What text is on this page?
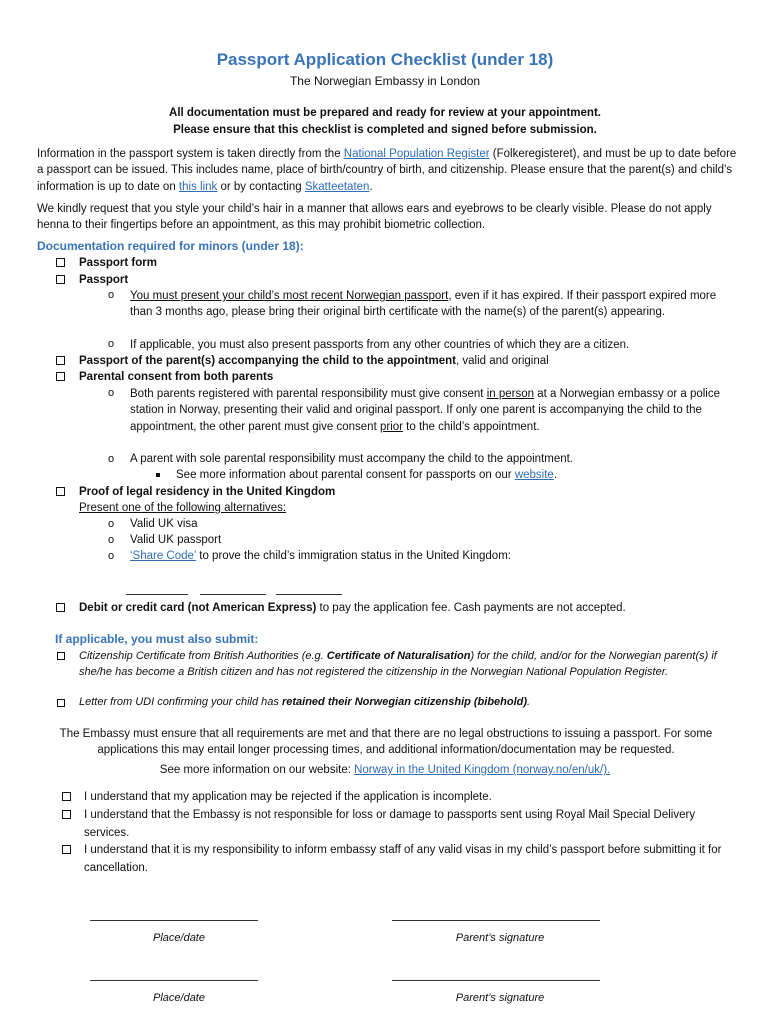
Passport Application Checklist (under 18)
The Norwegian Embassy in London
All documentation must be prepared and ready for review at your appointment.
Please ensure that this checklist is completed and signed before submission.
Information in the passport system is taken directly from the National Population Register (Folkeregisteret), and must be up to date before a passport can be issued. This includes name, place of birth/country of birth, and citizenship. Please ensure that the parent(s) and child’s information is up to date on this link or by contacting Skatteetaten.
We kindly request that you style your child’s hair in a manner that allows ears and eyebrows to be clearly visible. Please do not apply henna to their fingertips before an appointment, as this may prohibit biometric collection.
Documentation required for minors (under 18):
Passport form
Passport
o You must present your child’s most recent Norwegian passport, even if it has expired. If their passport expired more than 3 months ago, please bring their original birth certificate with the name(s) of the parent(s) appearing.
o If applicable, you must also present passports from any other countries of which they are a citizen.
Passport of the parent(s) accompanying the child to the appointment, valid and original
Parental consent from both parents
o Both parents registered with parental responsibility must give consent in person at a Norwegian embassy or a police station in Norway, presenting their valid and original passport. If only one parent is accompanying the child to the appointment, the other parent must give consent prior to the child’s appointment.
o A parent with sole parental responsibility must accompany the child to the appointment.
See more information about parental consent for passports on our website.
Proof of legal residency in the United Kingdom
Present one of the following alternatives:
o Valid UK visa
o Valid UK passport
o ‘Share Code’ to prove the child’s immigration status in the United Kingdom:
Debit or credit card (not American Express) to pay the application fee. Cash payments are not accepted.
If applicable, you must also submit:
Citizenship Certificate from British Authorities (e.g. Certificate of Naturalisation) for the child, and/or for the Norwegian parent(s) if she/he has become a British citizen and has not registered the citizenship in the Norwegian National Population Register.
Letter from UDI confirming your child has retained their Norwegian citizenship (bibehold).
The Embassy must ensure that all requirements are met and that there are no legal obstructions to issuing a passport. For some applications this may entail longer processing times, and additional information/documentation may be requested.
See more information on our website: Norway in the United Kingdom (norway.no/en/uk/).
I understand that my application may be rejected if the application is incomplete.
I understand that the Embassy is not responsible for loss or damage to passports sent using Royal Mail Special Delivery services.
I understand that it is my responsibility to inform embassy staff of any valid visas in my child’s passport before submitting it for cancellation.
Place/date	Parent’s signature
Place/date	Parent’s signature
